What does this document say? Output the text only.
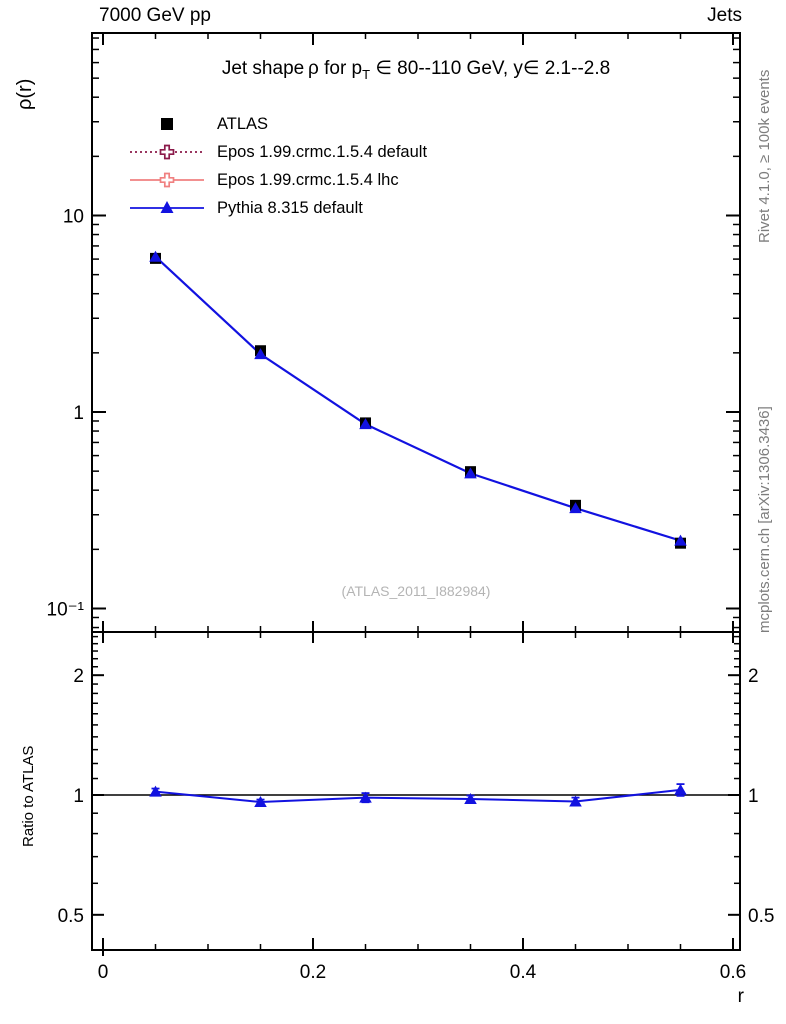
0	0.2	0.4	0.6
10
1
10⁻¹
2	2
1	1
0.5	0.5
7000 GeV pp	Jets
Jet shape ρ for $p_T$ ∈ 80--110 GeV, y∈ 2.1--2.8
ρ(r)
Ratio to ATLAS
r
(ATLAS_2011_I882984)
Rivet 4.1.0, ≥ 100k events
mcplots.cern.ch [arXiv:1306.3436]
ATLAS
Epos 1.99.crmc.1.5.4 default
Epos 1.99.crmc.1.5.4 lhc
Pythia 8.315 default
